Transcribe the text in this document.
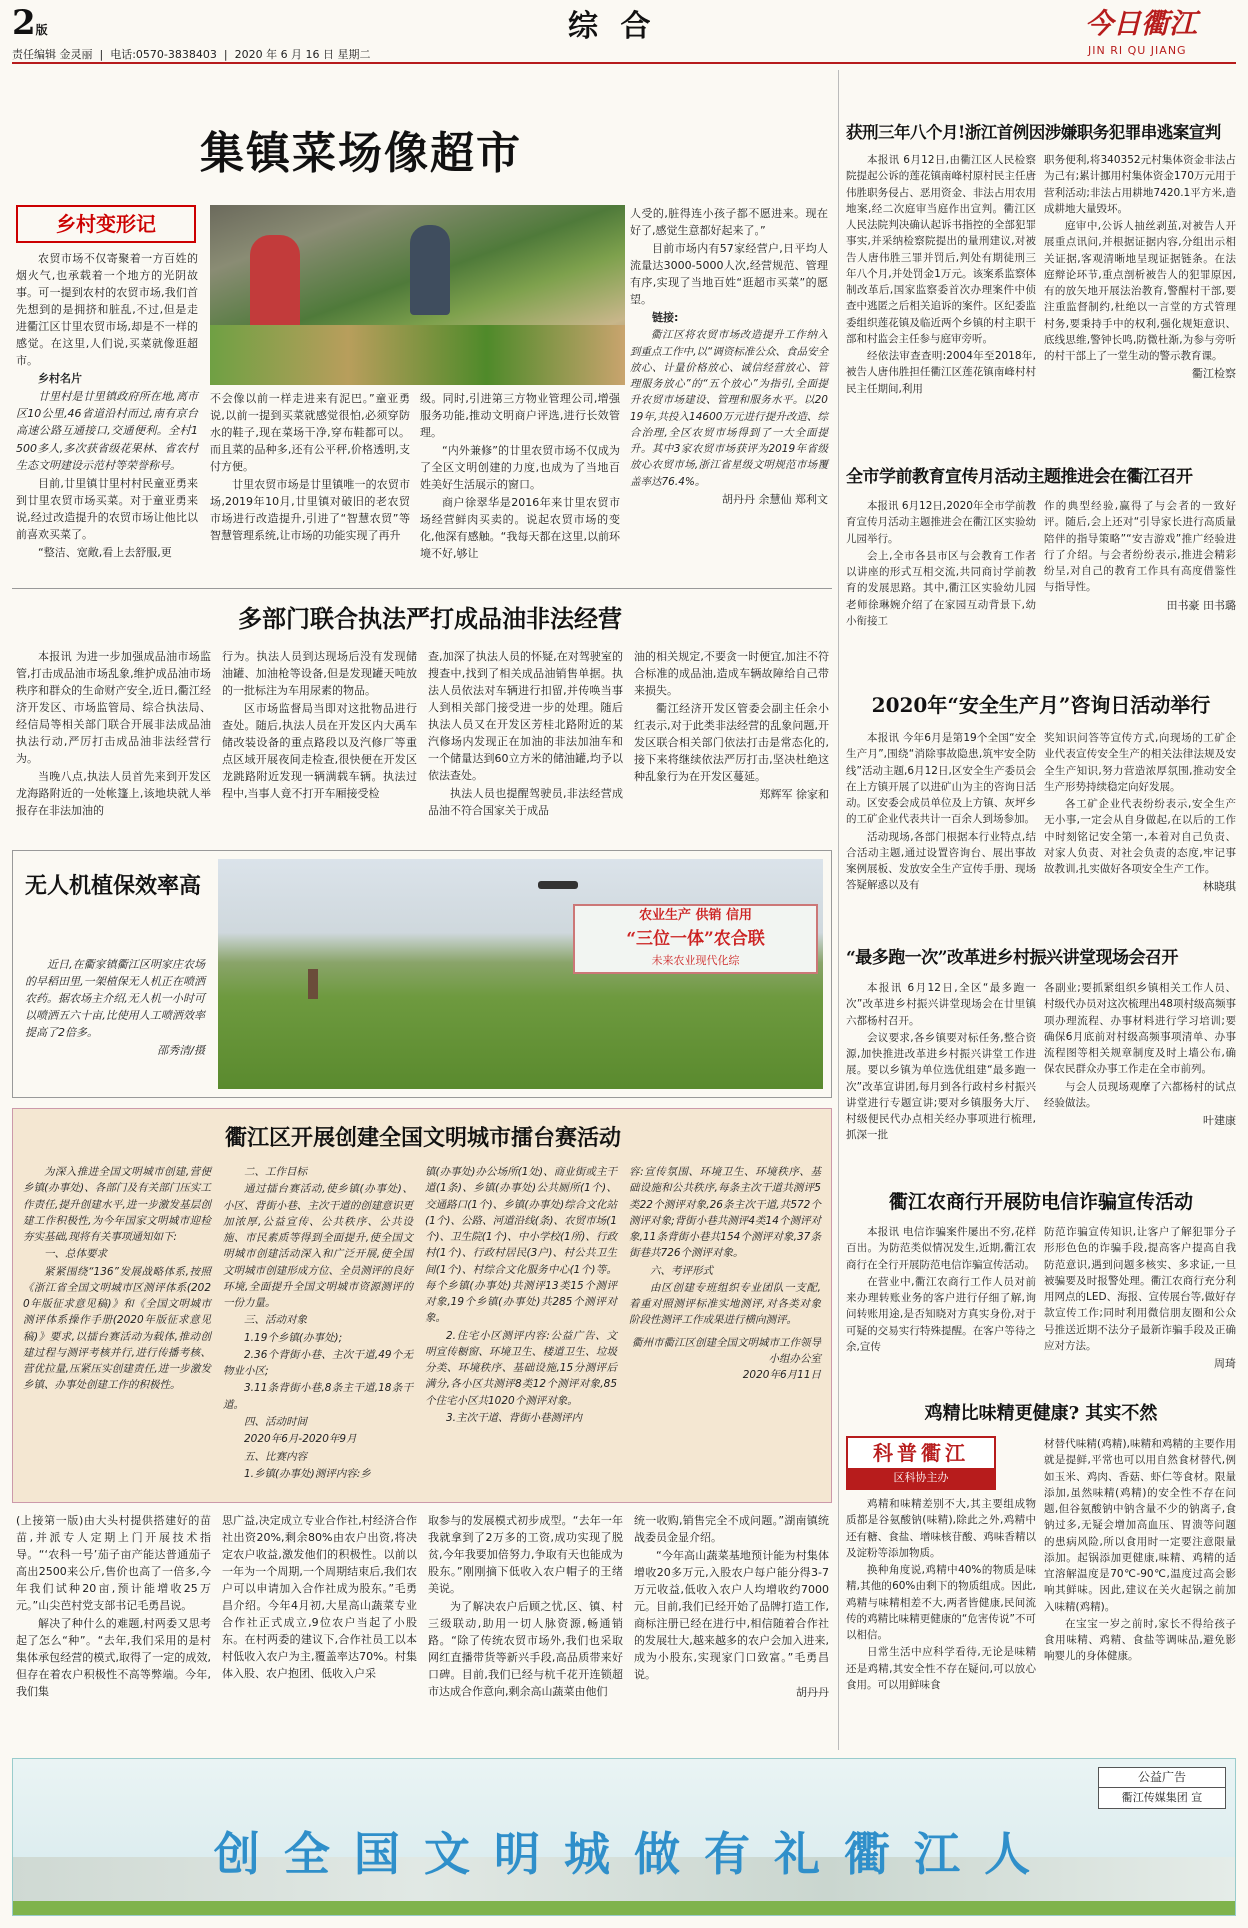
2版	综 合	今日衢江
JIN RI QU JIANG
责任编辑 金灵丽  |  电话:0570-3838403  |  2020 年 6 月 16 日 星期二
集镇菜场像超市
乡村变形记

农贸市场不仅寄聚着一方百姓的烟火气,也承载着一个地方的光阴故事。可一提到农村的农贸市场,我们首先想到的是拥挤和脏乱,不过,但是走进衢江区廿里农贸市场,却是不一样的感觉。在这里,人们说,买菜就像逛超市。

乡村名片

廿里村是廿里镇政府所在地,离市区10公里,46省道沿村而过,南有京台高速公路互通接口,交通便利。全村1500多人,多次获省级花果林、省农村生态文明建设示范村等荣誉称号。

目前,廿里镇廿里村村民童亚勇来到廿里农贸市场买菜。对于童亚勇来说,经过改造提升的农贸市场让他比以前喜欢买菜了。

“整洁、宽敞,看上去舒服,更

不会像以前一样走进来有泥巴。”童亚勇说,以前一提到买菜就感觉很怕,必须穿防水的鞋子,现在菜场干净,穿布鞋都可以。而且菜的品种多,还有公平秤,价格透明,支付方便。

廿里农贸市场是廿里镇唯一的农贸市场,2019年10月,廿里镇对破旧的老农贸市场进行改造提升,引进了“智慧农贸”等智慧管理系统,让市场的功能实现了再升

级。同时,引进第三方物业管理公司,增强服务功能,推动文明商户评选,进行长效管理。

“内外兼修”的廿里农贸市场不仅成为了全区文明创建的力度,也成为了当地百姓美好生活展示的窗口。

商户徐翠华是2016年来廿里农贸市场经营鲜肉买卖的。说起农贸市场的变化,他深有感触。“我每天都在这里,以前环境不好,够让

人受的,脏得连小孩子都不愿进来。现在好了,感觉生意都好起来了。”

目前市场内有57家经营户,日平均人流量达3000-5000人次,经营规范、管理有序,实现了当地百姓“逛超市买菜”的愿望。

链接:

衢江区将农贸市场改造提升工作纳入到重点工作中,以“调资标准公众、食品安全放心、计量价格放心、诚信经营放心、管理服务放心”的“五个放心”为指引,全面提升农贸市场建设、管理和服务水平。以2019年,共投入14600万元进行提升改造、综合治理,全区农贸市场得到了一大全面提升。其中3家农贸市场获评为2019年省级放心农贸市场,浙江省星级文明规范市场覆盖率达76.4%。

胡丹丹 余慧仙 郑利文
多部门联合执法严打成品油非法经营

本报讯 为进一步加强成品油市场监管,打击成品油市场乱象,维护成品油市场秩序和群众的生命财产安全,近日,衢江经济开发区、市场监管局、综合执法局、经信局等相关部门联合开展非法成品油执法行动,严厉打击成品油非法经营行为。

当晚八点,执法人员首先来到开发区龙海路附近的一处帐篷上,该地块就人举报存在非法加油的

行为。执法人员到达现场后没有发现储油罐、加油枪等设备,但是发现罐天吨放的一批标注为车用尿素的物品。

区市场监督局当即对这批物品进行查处。随后,执法人员在开发区内大禹车储改装设备的重点路段以及汽修厂等重点区域开展夜间走检查,很快便在开发区龙跳路附近发现一辆满载车辆。执法过程中,当事人竟不打开车厢接受检

查,加深了执法人员的怀疑,在对驾驶室的搜查中,找到了相关成品油销售单据。执法人员依法对车辆进行扣留,并传唤当事人到相关部门接受进一步的处理。随后执法人员又在开发区芳桂北路附近的某汽修场内发现正在加油的非法加油车和一个储量达到60立方米的储油罐,均予以依法查处。

执法人员也提醒驾驶员,非法经营成品油不符合国家关于成品

油的相关规定,不要贪一时便宜,加注不符合标准的成品油,造成车辆故障给自己带来损失。

衢江经济开发区管委会副主任余小红表示,对于此类非法经营的乱象问题,开发区联合相关部门依法打击是常态化的,接下来将继续依法严厉打击,坚决杜绝这种乱象行为在开发区蔓延。

郑辉军 徐家和
无人机植保效率高

近日,在衢家镇衢江区明家庄农场的早稻田里,一架植保无人机正在喷洒农药。据农场主介绍,无人机一小时可以喷洒五六十亩,比使用人工喷洒效率提高了2倍多。

邵秀清/摄
农业生产 供销 信用
“三位一体”农合联
未来农业现代化综
衢江区开展创建全国文明城市擂台赛活动

为深入推进全国文明城市创建,营便乡镇(办事处)、各部门及有关部门压实工作责任,提升创建水平,进一步激发基层创建工作积极性,为今年国家文明城市迎检夯实基础,现将有关事项通知如下:

一、总体要求

紧紧围绕“136”发展战略体系,按照《浙江省全国文明城市区测评体系(2020年版征求意见稿)》和《全国文明城市测评体系操作手册(2020年版征求意见稿)》要求,以擂台赛活动为载体,推动创建过程与测评考核并行,进行传播考核、营优拉量,压紧压实创建责任,进一步激发乡镇、办事处创建工作的积极性。

二、工作目标

通过擂台赛活动,使乡镇(办事处)、小区、背街小巷、主次干道的创建意识更加浓厚,公益宣传、公共秩序、公共设施、市民素质等得到全面提升,使全国文明城市创建活动深入和广泛开展,使全国文明城市创建形成方位、全员测评的良好环境,全面提升全国文明城市资源测评的一份力量。

三、活动对象

1.19个乡镇(办事处);

2.36个背街小巷、主次干道,49个无物业小区;

3.11条背街小巷,8条主干道,18条干道。

四、活动时间

2020年6月-2020年9月

五、比赛内容

1.乡镇(办事处)测评内容:乡

镇(办事处)办公场所(1处)、商业街或主干道(1条)、乡镇(办事处)公共厕所(1个)、交通路口(1个)、乡镇(办事处)综合文化站(1个)、公路、河道沿线(条)、农贸市场(1个)、卫生院(1个)、中小学校(1所)、行政村(1个)、行政村居民(3户)、村公共卫生间(1个)、村综合文化服务中心(1个)等。每个乡镇(办事处)共测评13类15个测评对象,19个乡镇(办事处)共285个测评对象。

2.住宅小区测评内容:公益广告、文明宣传橱窗、环境卫生、楼道卫生、垃圾分类、环境秩序、基础设施,15分测评后满分,各小区共测评8类12个测评对象,85个住宅小区共1020个测评对象。

3.主次干道、背街小巷测评内

容:宣传氛围、环境卫生、环境秩序、基础设施和公共秩序,每条主次干道共测评5类22个测评对象,26条主次干道,共572个测评对象;背街小巷共测评4类14个测评对象,11条背街小巷共154个测评对象,37条街巷共726个测评对象。

六、考评形式

由区创建专班组织专业团队一支配,着重对照测评标准实地测评,对各类对象阶段性测评工作成果进行横向测评。

衢州市衢江区创建全国文明城市工作领导小组办公室
2020年6月11日

(上接第一版)由大头村提供搭建好的苗苗,并派专人定期上门开展技术指导。“‘农科一号’茄子亩产能达普通茄子高出2500来公斤,售价也高了一倍多,今年我们试种20亩,预计能增收25万元。”山尖芭村党支部书记毛勇昌说。

解决了种什么的难题,村两委又思考起了怎么“种”。“去年,我们采用的是村集体承包经营的模式,取得了一定的成效,但存在着农户积极性不高等弊端。今年,我们集

思广益,决定成立专业合作社,村经济合作社出资20%,剩余80%由农户出资,将决定农户收益,激发他们的积极性。以前以一年为一个周期,一个周期结束后,我们农户可以申请加入合作社成为股东。”毛勇昌介绍。今年4月初,大星高山蔬菜专业合作社正式成立,9位农户当起了小股东。在村两委的建议下,合作社员工以本村低收入农户为主,覆盖率达70%。村集体入股、农户抱团、低收入户采

取参与的发展模式初步成型。“去年一年我就拿到了2万多的工资,成功实现了脱贫,今年我要加倍努力,争取有天也能成为股东。”刚刚摘下低收入农户帽子的王绪美说。

为了解决农户后顾之忧,区、镇、村三级联动,助用一切人脉资源,畅通销路。“除了传统农贸市场外,我们也采取网红直播带货等新兴手段,高品质带来好口碑。目前,我们已经与杭千花开连锁超市达成合作意向,剩余高山蔬菜由他们

统一收购,销售完全不成问题。”湖南镇统战委员金显介绍。

“今年高山蔬菜基地预计能为村集体增收20多万元,入股农户每户能分得3-7万元收益,低收入农户人均增收约7000元。目前,我们已经开始了品牌打造工作,商标注册已经在进行中,相信随着合作社的发展壮大,越来越多的农户会加入进来,成为小股东,实现家门口致富。”毛勇昌说。

胡丹丹
获刑三年八个月!浙江首例因涉嫌职务犯罪串逃案宣判

本报讯 6月12日,由衢江区人民检察院提起公诉的莲花镇南峰村原村民主任唐伟胜职务侵占、恶用资金、非法占用农用地案,经二次庭审当庭作出宣判。衢江区人民法院判决确认起诉书指控的全部犯罪事实,并采纳检察院提出的量刑建议,对被告人唐伟胜三罪并罚后,判处有期徒刑三年八个月,并处罚金1万元。该案系监察体制改革后,国家监察委首次办理案件中侦查中逃匿之后相关追诉的案件。区纪委监委组织莲花镇及临近两个乡镇的村主职干部和村监会主任参与庭审旁听。

经依法审查查明:2004年至2018年,被告人唐伟胜担任衢江区莲花镇南峰村村民主任期间,利用

职务便利,将340352元村集体资金非法占为己有;累计挪用村集体资金170万元用于营利活动;非法占用耕地7420.1平方米,造成耕地大量毁坏。

庭审中,公诉人抽丝剥茧,对被告人开展重点讯问,并根据证据内容,分组出示相关证据,客观清晰地呈现证据链条。在法庭辩论环节,重点剖析被告人的犯罪原因,有的放矢地开展法治教育,警醒村干部,要注重监督制约,杜绝以一言堂的方式管理村务,要秉持手中的权利,强化规矩意识、底线思维,警钟长鸣,防微杜渐,为参与旁听的村干部上了一堂生动的警示教育课。

衢江检察
全市学前教育宣传月活动主题推进会在衢江召开

本报讯 6月12日,2020年全市学前教育宣传月活动主题推进会在衢江区实验幼儿园举行。

会上,全市各县市区与会教育工作者以讲座的形式互相交流,共同商讨学前教育的发展思路。其中,衢江区实验幼儿园老师徐琳婉介绍了在家园互动背景下,幼小衔接工

作的典型经验,赢得了与会者的一致好评。随后,会上还对“引导家长进行高质量陪伴的指导策略”“安吉游戏”推广经验进行了介绍。与会者纷纷表示,推进会精彩纷呈,对自己的教育工作具有高度借鉴性与指导性。

田书豪 田书璐
2020年“安全生产月”咨询日活动举行

本报讯 今年6月是第19个全国“安全生产月”,围绕“消除事故隐患,筑牢安全防线”活动主题,6月12日,区安全生产委员会在上方镇开展了以进矿山为主的咨询日活动。区安委会成员单位及上方镇、灰坪乡的工矿企业代表共计一百余人到场参加。

活动现场,各部门根据本行业特点,结合活动主题,通过设置咨询台、展出事故案例展板、发放安全生产宣传手册、现场答疑解惑以及有

奖知识问答等宣传方式,向现场的工矿企业代表宣传安全生产的相关法律法规及安全生产知识,努力营造浓厚氛围,推动安全生产形势持续稳定向好发展。

各工矿企业代表纷纷表示,安全生产无小事,一定会从自身做起,在以后的工作中时刻铭记安全第一,本着对自己负责、对家人负责、对社会负责的态度,牢记事故教训,扎实做好各项安全生产工作。

林晓琪
“最多跑一次”改革进乡村振兴讲堂现场会召开

本报讯 6月12日,全区“最多跑一次”改革进乡村振兴讲堂现场会在廿里镇六都杨村召开。

会议要求,各乡镇要对标任务,整合资源,加快推进改革进乡村振兴讲堂工作进展。要以乡镇为单位选优组建“最多跑一次”改革宣讲团,每月到各行政村乡村振兴讲堂进行专题宣讲;要对乡镇服务大厅、村级便民代办点相关经办事项进行梳理,抓深一批

各副业;要抓紧组织乡镇相关工作人员、村级代办员对这次梳理出48项村级高频事项办理流程、办事材料进行学习培训;要确保6月底前对村级高频事项清单、办事流程图等相关规章制度及时上墙公布,确保农民群众办事工作走在全市前列。

与会人员现场观摩了六都杨村的试点经验做法。

叶建康
衢江农商行开展防电信诈骗宣传活动

本报讯 电信诈骗案件屡出不穷,花样百出。为防范类似情况发生,近期,衢江农商行在全行开展防范电信诈骗宣传活动。

在营业中,衢江农商行工作人员对前来办理转账业务的客户进行仔细了解,询问转账用途,是否知晓对方真实身份,对于可疑的交易实行特殊提醒。在客户等待之余,宣传

防范诈骗宣传知识,让客户了解犯罪分子形形色色的诈骗手段,提高客户提高自我防范意识,遇到问题多核实、多求证,一旦被骗要及时报警处理。衢江农商行充分利用网点的LED、海报、宣传展台等,做好存款宣传工作;同时利用微信朋友圈和公众号推送近期不法分子最新诈骗手段及正确应对方法。

周琦
鸡精比味精更健康? 其实不然
科普衢江
区科协主办

鸡精和味精差别不大,其主要组成物质都是谷氨酸钠(味精),除此之外,鸡精中还有糖、食盐、增味核苷酸、鸡味香精以及淀粉等添加物质。

换种角度说,鸡精中40%的物质是味精,其他的60%由剩下的物质组成。因此,鸡精与味精相差不大,两者皆健康,民间流传的鸡精比味精更健康的“危害传说”不可以相信。

日常生活中应科学看待,无论是味精还是鸡精,其安全性不存在疑问,可以放心食用。可以用鲜味食

材替代味精(鸡精),味精和鸡精的主要作用就是提鲜,平常也可以用自然食材替代,例如玉米、鸡肉、香菇、虾仁等食材。限量添加,虽然味精(鸡精)的安全性不存在问题,但谷氨酸钠中钠含量不少的钠离子,食钠过多,无疑会增加高血压、胃溃等问题的患病风险,所以食用时一定要注意限量添加。起锅添加更健康,味精、鸡精的适宜溶解温度是70℃-90℃,温度过高会影响其鲜味。因此,建议在关火起锅之前加入味精(鸡精)。

在宝宝一岁之前时,家长不得给孩子食用味精、鸡精、食盐等调味品,避免影响婴儿的身体健康。

公益广告
衢江传媒集团 宣
创 全 国 文 明 城 做 有 礼 衢 江 人
